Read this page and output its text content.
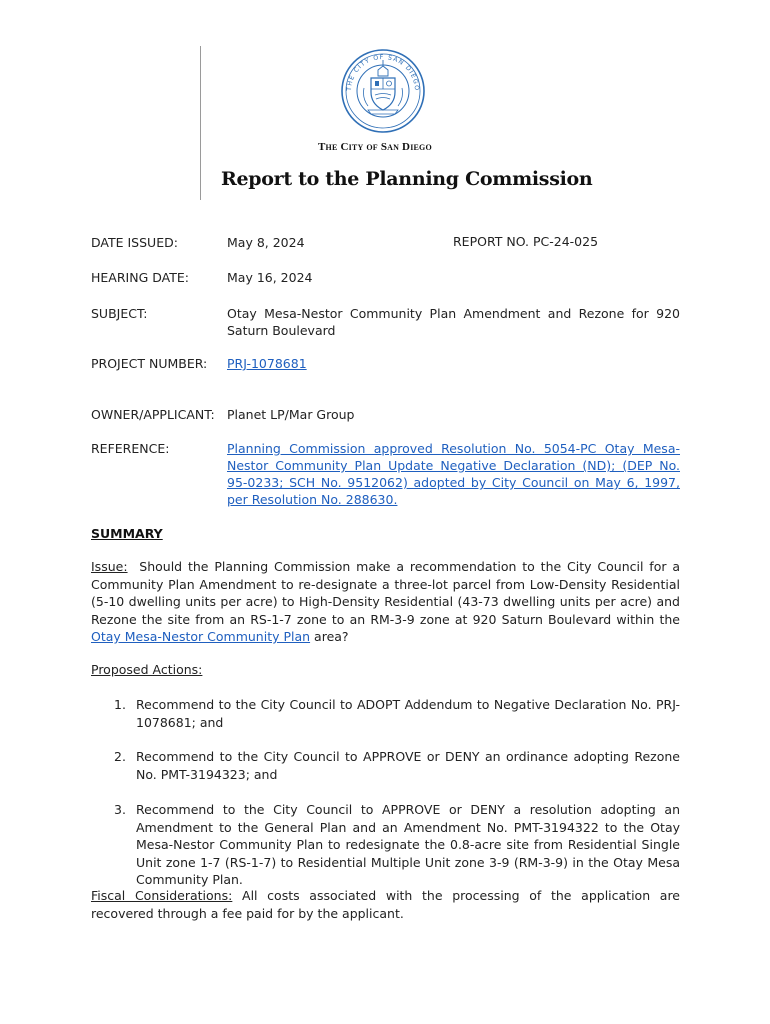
THE CITY OF SAN DIEGO
The City of San Diego
Report to the Planning Commission
DATE ISSUED:	May 8, 2024	REPORT NO. PC-24-025
HEARING DATE:	May 16, 2024
SUBJECT:	Otay Mesa-Nestor Community Plan Amendment and Rezone for 920 Saturn Boulevard
PROJECT NUMBER: PRJ-1078681
OWNER/APPLICANT: Planet LP/Mar Group
REFERENCE:	Planning Commission approved Resolution No. 5054-PC Otay Mesa- Nestor Community Plan Update Negative Declaration (ND); (DEP No. 95-0233; SCH No. 9512062) adopted by City Council on May 6, 1997, per Resolution No. 288630.
SUMMARY
Issue: Should the Planning Commission make a recommendation to the City Council for a Community Plan Amendment to re-designate a three-lot parcel from Low-Density Residential (5-10 dwelling units per acre) to High-Density Residential (43-73 dwelling units per acre) and Rezone the site from an RS-1-7 zone to an RM-3-9 zone at 920 Saturn Boulevard within the Otay Mesa-Nestor Community Plan area?
Proposed Actions:
1. Recommend to the City Council to ADOPT Addendum to Negative Declaration No. PRJ-1078681; and
2. Recommend to the City Council to APPROVE or DENY an ordinance adopting Rezone No. PMT-3194323; and
3. Recommend to the City Council to APPROVE or DENY a resolution adopting an Amendment to the General Plan and an Amendment No. PMT-3194322 to the Otay Mesa-Nestor Community Plan to redesignate the 0.8-acre site from Residential Single Unit zone 1-7 (RS-1-7) to Residential Multiple Unit zone 3-9 (RM-3-9) in the Otay Mesa Community Plan.
Fiscal Considerations: All costs associated with the processing of the application are recovered through a fee paid for by the applicant.
